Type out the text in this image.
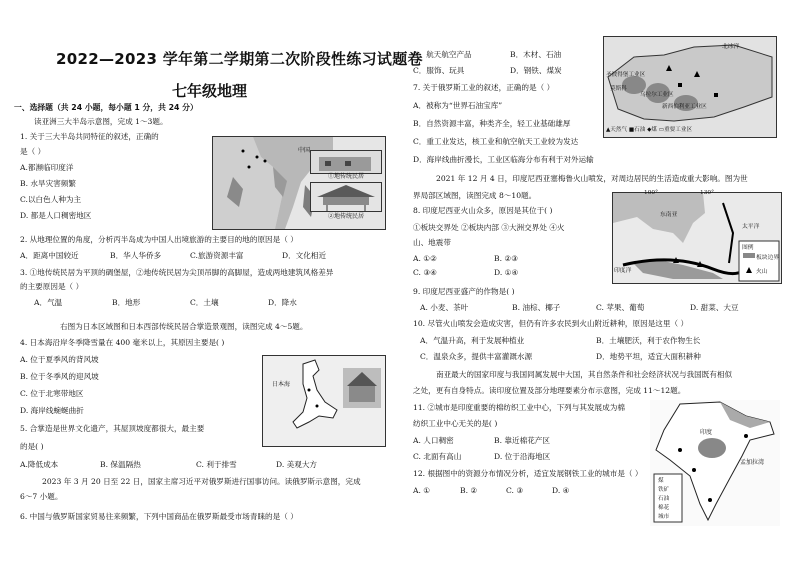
2022—2023 学年第二学期第二次阶段性练习试题卷
七年级地理
一、选择题（共 24 小题，每小题 1 分，共 24 分）
读亚洲三大半岛示意图，完成 1～3题。
1. 关于三大半岛共同特征的叙述，正确的
是（ ）
A.都濒临印度洋
B. 水旱灾害频繁
C.以白色人种为主
D. 都是人口稠密地区
中国
①地传统民居
②地传统民居
2. 从地理位置的角度，分析丙半岛成为中国人出境旅游的主要目的地的原因是（ ）
A．距离中国较近	B．华人华侨多	C.旅游资源丰富	D．文化相近
3. ①地传统民居为平顶的碉堡屋，②地传统民居为尖顶吊脚的高脚屋，造成两地建筑风格差异
的主要原因是（ ）
A．气温	B．地形	C．土壤	D．降水
右图为日本区域图和日本西部传统民居合掌造景观图，读图完成 4～5题。
4. 日本海沿岸冬季降雪量在 400 毫米以上，其原因主要是( )
A. 位于夏季风的背风坡
B. 位于冬季风的迎风坡
C. 位于北寒带地区
D. 海岸线蜿蜒曲折
5. 合掌造是世界文化遗产，其屋顶坡度都很大，最主要
的是( )
日本海
A.降低成本	B. 保温隔热	C. 利于排雪	D. 美观大方
2023 年 3 月 20 日至 22 日，国家主席习近平对俄罗斯进行国事访问。读俄罗斯示意图，完成
6～7 小题。
6. 中国与俄罗斯国家贸易往来频繁，下列中国商品在俄罗斯最受市场青睐的是（ ）
A．航天航空产品	B．木材、石油
C．服饰、玩具	D．钢铁、煤炭
7. 关于俄罗斯工业的叙述，正确的是（ ）
A．被称为“世界石油宝库”
B．自然资源丰富，种类齐全，轻工业基础雄厚
C．重工业发达，核工业和航空航天工业较为发达
D．海岸线曲折漫长，工业区临海分布有利于对外运输
北冰洋
圣彼得堡工业区
乌拉尔工业区
新西伯利亚工业区
莫斯科
▲天然气 ■石油 ◆煤 ▭重要工业区
2021 年 12 月 4 日，印度尼西亚塞梅鲁火山喷发，对周边居民的生活造成重大影响。图为世
界局部区域图，读图完成 8～10题。
8. 印度尼西亚火山众多，原因是其位于( )
①板块交界处 ②板块内部 ③大洲交界处 ④火
山、地震带
A. ①②	B. ②③
C. ③④	D. ①④
100°	130°
东南亚
太平洋
印度洋
图例
板块边界
火山
9. 印度尼西亚盛产的作物是( )
A. 小麦、茶叶	B. 油棕、椰子	C. 苹果、葡萄	D. 甜菜、大豆
10. 尽管火山喷发会造成灾害，但仍有许多农民到火山附近耕种，原因是这里（ ）
A．气温升高，利于发展种植业	B．土壤肥沃，利于农作物生长
C．温泉众多，提供丰富灌溉水源	D．地势平坦，适宜大面积耕种
南亚最大的国家印度与我国同属发展中大国，其自然条件和社会经济状况与我国既有相似
之处，更有自身特点。读印度位置及部分地理要素分布示意图，完成 11～12题。
11. ②城市是印度重要的棉纺织工业中心，下列与其发展成为棉
纺织工业中心无关的是( )
A. 人口稠密	B. 靠近棉花产区
C. 北面有高山	D. 位于沿海地区
12. 根据图中的资源分布情况分析，适宜发展钢铁工业的城市是（ ）
A. ①	B. ②	C. ③	D. ④
印度
孟加拉湾
煤
铁矿
石油
棉花
城市
